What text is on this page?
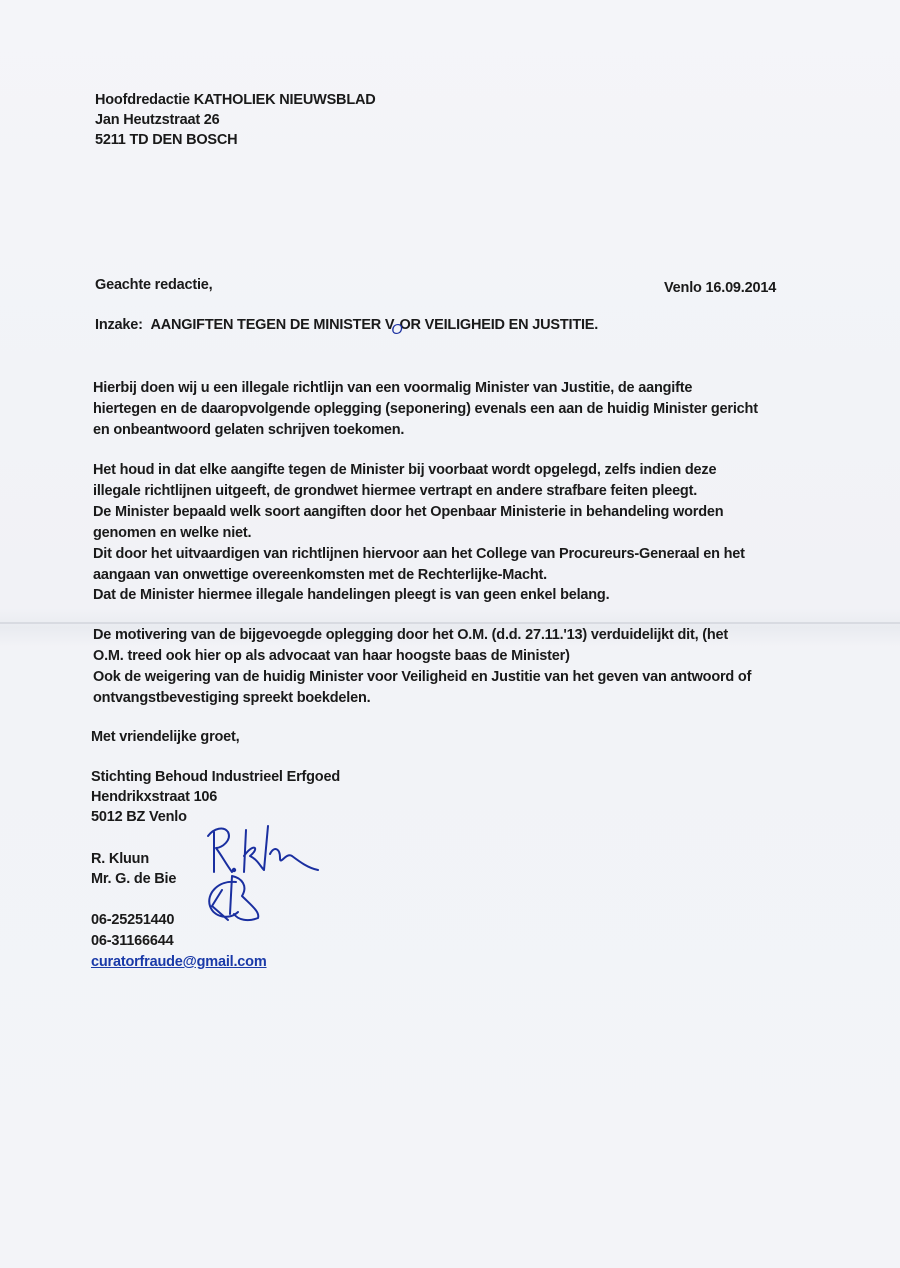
Hoofdredactie KATHOLIEK NIEUWSBLAD
Jan Heutzstraat 26
5211 TD DEN BOSCH
Geachte redactie,	Venlo 16.09.2014
Inzake: AANGIFTEN TEGEN DE MINISTER VOOR VEILIGHEID EN JUSTITIE.
Hierbij doen wij u een illegale richtlijn van een voormalig Minister van Justitie, de aangifte
hiertegen en de daaropvolgende oplegging (seponering) evenals een aan de huidig Minister gericht
en onbeantwoord gelaten schrijven toekomen.
Het houd in dat elke aangifte tegen de Minister bij voorbaat wordt opgelegd, zelfs indien deze
illegale richtlijnen uitgeeft, de grondwet hiermee vertrapt en andere strafbare feiten pleegt.
De Minister bepaald welk soort aangiften door het Openbaar Ministerie in behandeling worden
genomen en welke niet.
Dit door het uitvaardigen van richtlijnen hiervoor aan het College van Procureurs-Generaal en het
aangaan van onwettige overeenkomsten met de Rechterlijke-Macht.
Dat de Minister hiermee illegale handelingen pleegt is van geen enkel belang.
De motivering van de bijgevoegde oplegging door het O.M. (d.d. 27.11.'13) verduidelijkt dit, (het
O.M. treed ook hier op als advocaat van haar hoogste baas de Minister)
Ook de weigering van de huidig Minister voor Veiligheid en Justitie van het geven van antwoord of
ontvangstbevestiging spreekt boekdelen.
Met vriendelijke groet,
Stichting Behoud Industrieel Erfgoed
Hendrikxstraat 106
5012 BZ Venlo
R. Kluun
Mr. G. de Bie
06-25251440
06-31166644
curatorfraude@gmail.com
